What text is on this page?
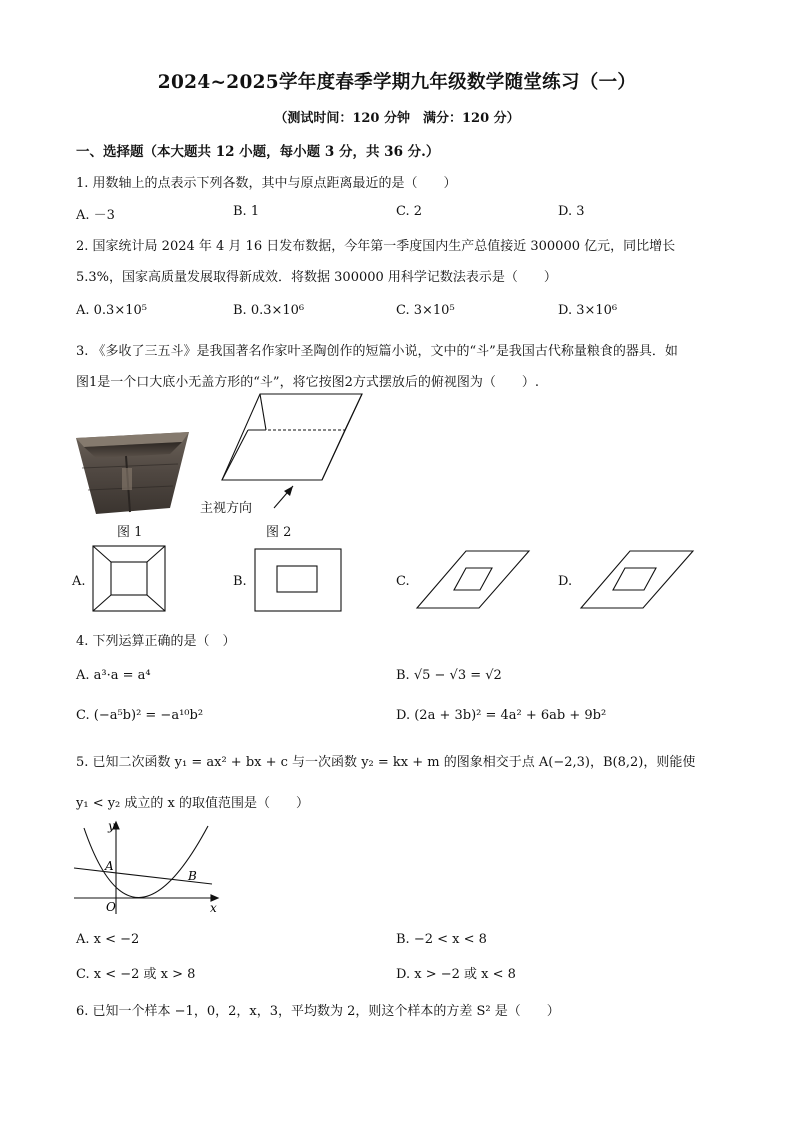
2024~2025学年度春季学期九年级数学随堂练习（一）
（测试时间：120 分钟　满分：120 分）
一、选择题（本大题共 12 小题，每小题 3 分，共 36 分.）
1. 用数轴上的点表示下列各数，其中与原点距离最近的是（　　）
A. －3	B. 1	C. 2	D. 3
2. 国家统计局 2024 年 4 月 16 日发布数据，今年第一季度国内生产总值接近 300000 亿元，同比增长
5.3%，国家高质量发展取得新成效．将数据 300000 用科学记数法表示是（　　）
A. 0.3×10⁵	B. 0.3×10⁶	C. 3×10⁵	D. 3×10⁶
3. 《多收了三五斗》是我国著名作家叶圣陶创作的短篇小说，文中的“斗”是我国古代称量粮食的器具．如
图1是一个口大底小无盖方形的“斗”，将它按图2方式摆放后的俯视图为（　　）.
主视方向
图 1	图 2
A.	B.	C.	D.
4. 下列运算正确的是（　）
A. a³·a = a⁴	B. √5 − √3 = √2
C. (−a⁵b)² = −a¹⁰b²	D. (2a + 3b)² = 4a² + 6ab + 9b²
5. 已知二次函数 y₁ = ax² + bx + c 与一次函数 y₂ = kx + m 的图象相交于点 A(−2,3)，B(8,2)，则能使
y₁ < y₂ 成立的 x 的取值范围是（　　）
y
x
A
B
O
A. x < −2	B. −2 < x < 8
C. x < −2 或 x > 8	D. x > −2 或 x < 8
6. 已知一个样本 −1，0，2，x，3，平均数为 2，则这个样本的方差 S² 是（　　）
